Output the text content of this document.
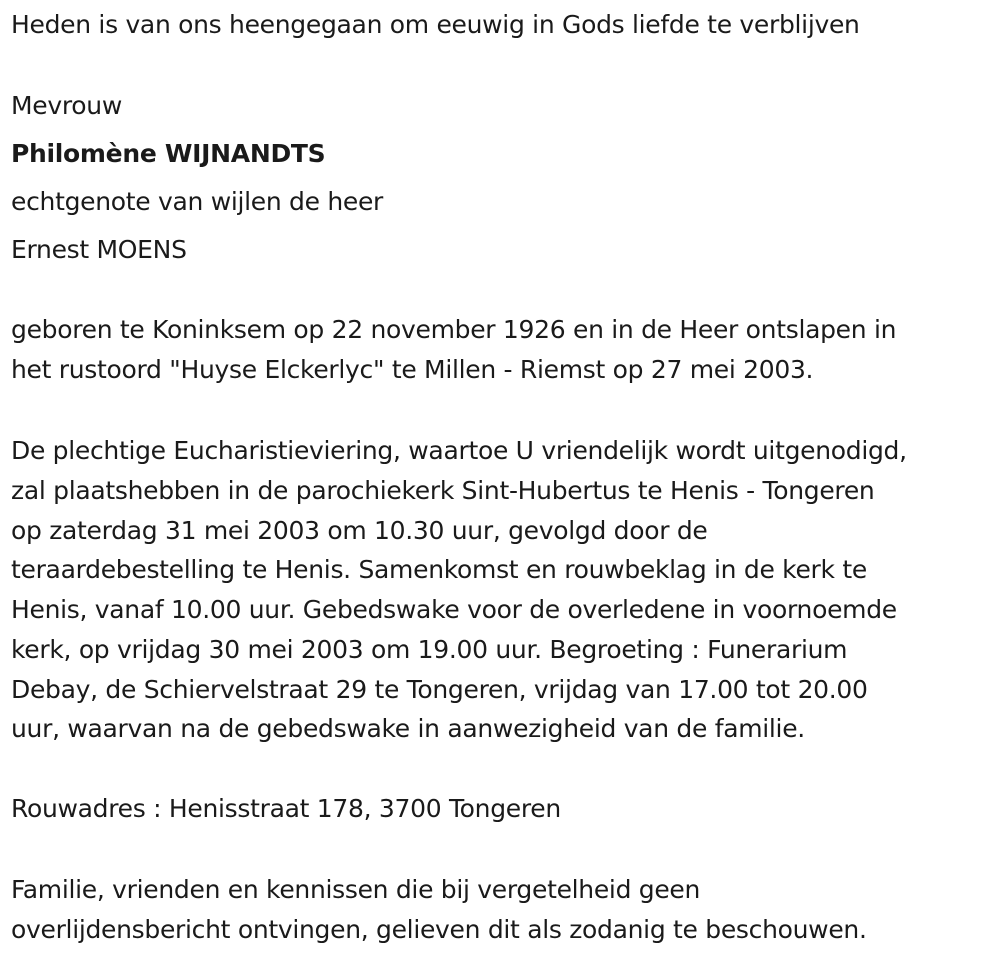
Heden is van ons heengegaan om eeuwig in Gods liefde te verblijven
Mevrouw
Philomène WIJNANDTS
echtgenote van wijlen de heer
Ernest MOENS
geboren te Koninksem op 22 november 1926 en in de Heer ontslapen in
het rustoord "Huyse Elckerlyc" te Millen - Riemst op 27 mei 2003.
De plechtige Eucharistieviering, waartoe U vriendelijk wordt uitgenodigd,
zal plaatshebben in de parochiekerk Sint-Hubertus te Henis - Tongeren
op zaterdag 31 mei 2003 om 10.30 uur, gevolgd door de
teraardebestelling te Henis. Samenkomst en rouwbeklag in de kerk te
Henis, vanaf 10.00 uur. Gebedswake voor de overledene in voornoemde
kerk, op vrijdag 30 mei 2003 om 19.00 uur. Begroeting : Funerarium
Debay, de Schiervelstraat 29 te Tongeren, vrijdag van 17.00 tot 20.00
uur, waarvan na de gebedswake in aanwezigheid van de familie.
Rouwadres : Henisstraat 178, 3700 Tongeren
Familie, vrienden en kennissen die bij vergetelheid geen
overlijdensbericht ontvingen, gelieven dit als zodanig te beschouwen.
